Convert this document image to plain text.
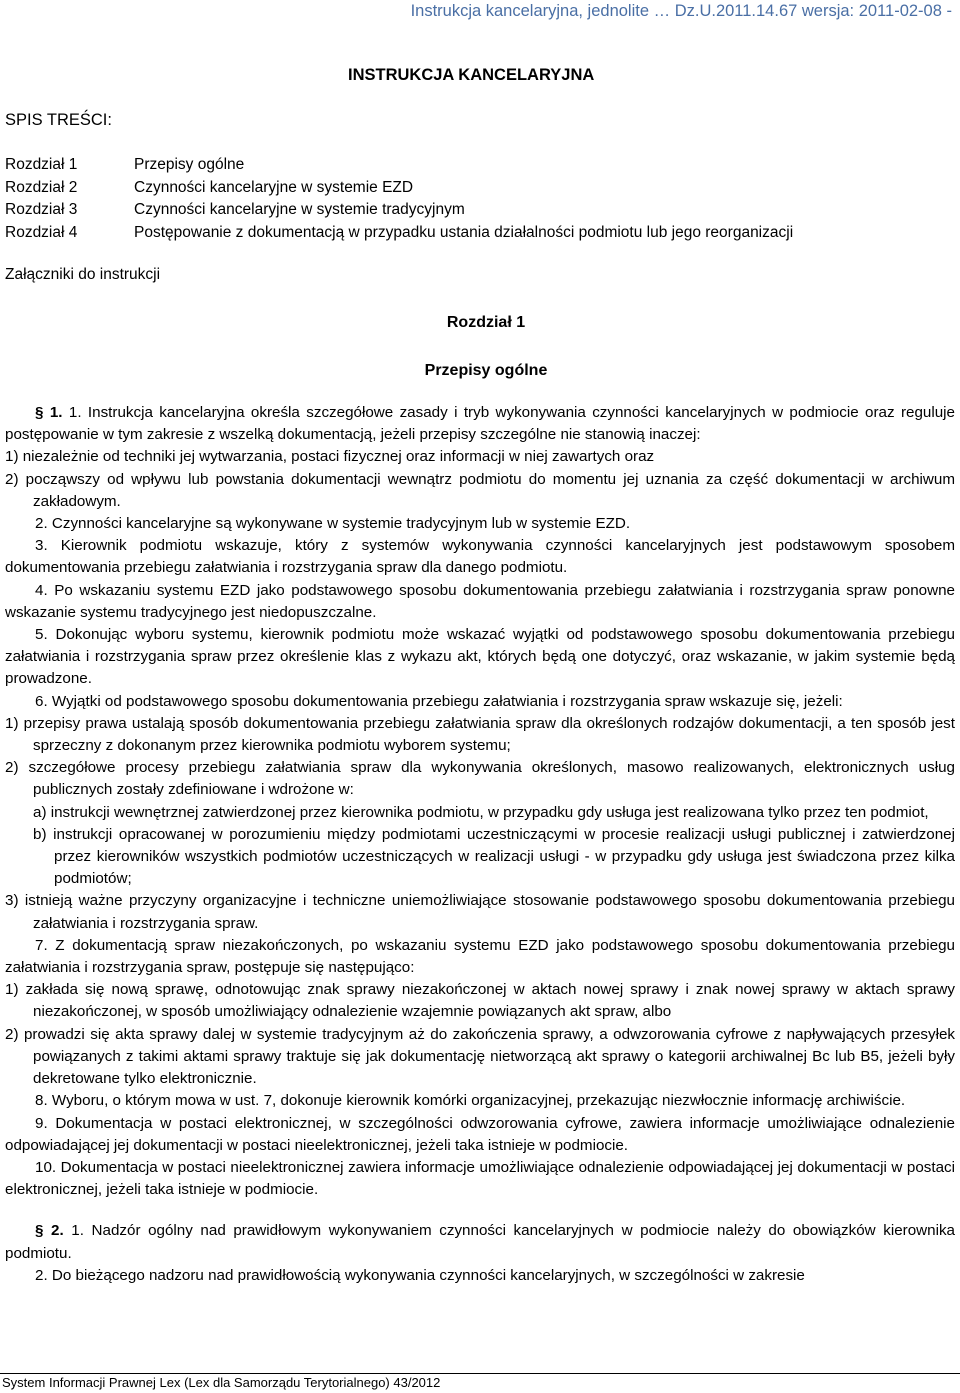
Instrukcja kancelaryjna, jednolite … Dz.U.2011.14.67 wersja: 2011-02-08 -
INSTRUKCJA KANCELARYJNA
SPIS TREŚCI:
Rozdział 1	Przepisy ogólne
Rozdział 2	Czynności kancelaryjne w systemie EZD
Rozdział 3	Czynności kancelaryjne w systemie tradycyjnym
Rozdział 4	Postępowanie z dokumentacją w przypadku ustania działalności podmiotu lub jego reorganizacji
Załączniki do instrukcji
Rozdział 1
Przepisy ogólne

§ 1. 1. Instrukcja kancelaryjna określa szczegółowe zasady i tryb wykonywania czynności kancelaryjnych w podmiocie oraz reguluje postępowanie w tym zakresie z wszelką dokumentacją, jeżeli przepisy szczególne nie stanowią inaczej:

1) niezależnie od techniki jej wytwarzania, postaci fizycznej oraz informacji w niej zawartych oraz

2) począwszy od wpływu lub powstania dokumentacji wewnątrz podmiotu do momentu jej uznania za część dokumentacji w archiwum zakładowym.

2. Czynności kancelaryjne są wykonywane w systemie tradycyjnym lub w systemie EZD.

3. Kierownik podmiotu wskazuje, który z systemów wykonywania czynności kancelaryjnych jest podstawowym sposobem dokumentowania przebiegu załatwiania i rozstrzygania spraw dla danego podmiotu.

4. Po wskazaniu systemu EZD jako podstawowego sposobu dokumentowania przebiegu załatwiania i rozstrzygania spraw ponowne wskazanie systemu tradycyjnego jest niedopuszczalne.

5. Dokonując wyboru systemu, kierownik podmiotu może wskazać wyjątki od podstawowego sposobu dokumentowania przebiegu załatwiania i rozstrzygania spraw przez określenie klas z wykazu akt, których będą one dotyczyć, oraz wskazanie, w jakim systemie będą prowadzone.

6. Wyjątki od podstawowego sposobu dokumentowania przebiegu załatwiania i rozstrzygania spraw wskazuje się, jeżeli:

1) przepisy prawa ustalają sposób dokumentowania przebiegu załatwiania spraw dla określonych rodzajów dokumentacji, a ten sposób jest sprzeczny z dokonanym przez kierownika podmiotu wyborem systemu;

2) szczegółowe procesy przebiegu załatwiania spraw dla wykonywania określonych, masowo realizowanych, elektronicznych usług publicznych zostały zdefiniowane i wdrożone w:

a) instrukcji wewnętrznej zatwierdzonej przez kierownika podmiotu, w przypadku gdy usługa jest realizowana tylko przez ten podmiot,

b) instrukcji opracowanej w porozumieniu między podmiotami uczestniczącymi w procesie realizacji usługi publicznej i zatwierdzonej przez kierowników wszystkich podmiotów uczestniczących w realizacji usługi - w przypadku gdy usługa jest świadczona przez kilka podmiotów;

3) istnieją ważne przyczyny organizacyjne i techniczne uniemożliwiające stosowanie podstawowego sposobu dokumentowania przebiegu załatwiania i rozstrzygania spraw.

7. Z dokumentacją spraw niezakończonych, po wskazaniu systemu EZD jako podstawowego sposobu dokumentowania przebiegu załatwiania i rozstrzygania spraw, postępuje się następująco:

1) zakłada się nową sprawę, odnotowując znak sprawy niezakończonej w aktach nowej sprawy i znak nowej sprawy w aktach sprawy niezakończonej, w sposób umożliwiający odnalezienie wzajemnie powiązanych akt spraw, albo

2) prowadzi się akta sprawy dalej w systemie tradycyjnym aż do zakończenia sprawy, a odwzorowania cyfrowe z napływających przesyłek powiązanych z takimi aktami sprawy traktuje się jak dokumentację nietworzącą akt sprawy o kategorii archiwalnej Bc lub B5, jeżeli były dekretowane tylko elektronicznie.

8. Wyboru, o którym mowa w ust. 7, dokonuje kierownik komórki organizacyjnej, przekazując niezwłocznie informację archiwiście.

9. Dokumentacja w postaci elektronicznej, w szczególności odwzorowania cyfrowe, zawiera informacje umożliwiające odnalezienie odpowiadającej jej dokumentacji w postaci nieelektronicznej, jeżeli taka istnieje w podmiocie.

10. Dokumentacja w postaci nieelektronicznej zawiera informacje umożliwiające odnalezienie odpowiadającej jej dokumentacji w postaci elektronicznej, jeżeli taka istnieje w podmiocie.

§ 2. 1. Nadzór ogólny nad prawidłowym wykonywaniem czynności kancelaryjnych w podmiocie należy do obowiązków kierownika podmiotu.

2. Do bieżącego nadzoru nad prawidłowością wykonywania czynności kancelaryjnych, w szczególności w zakresie

System Informacji Prawnej Lex (Lex dla Samorządu Terytorialnego) 43/2012
